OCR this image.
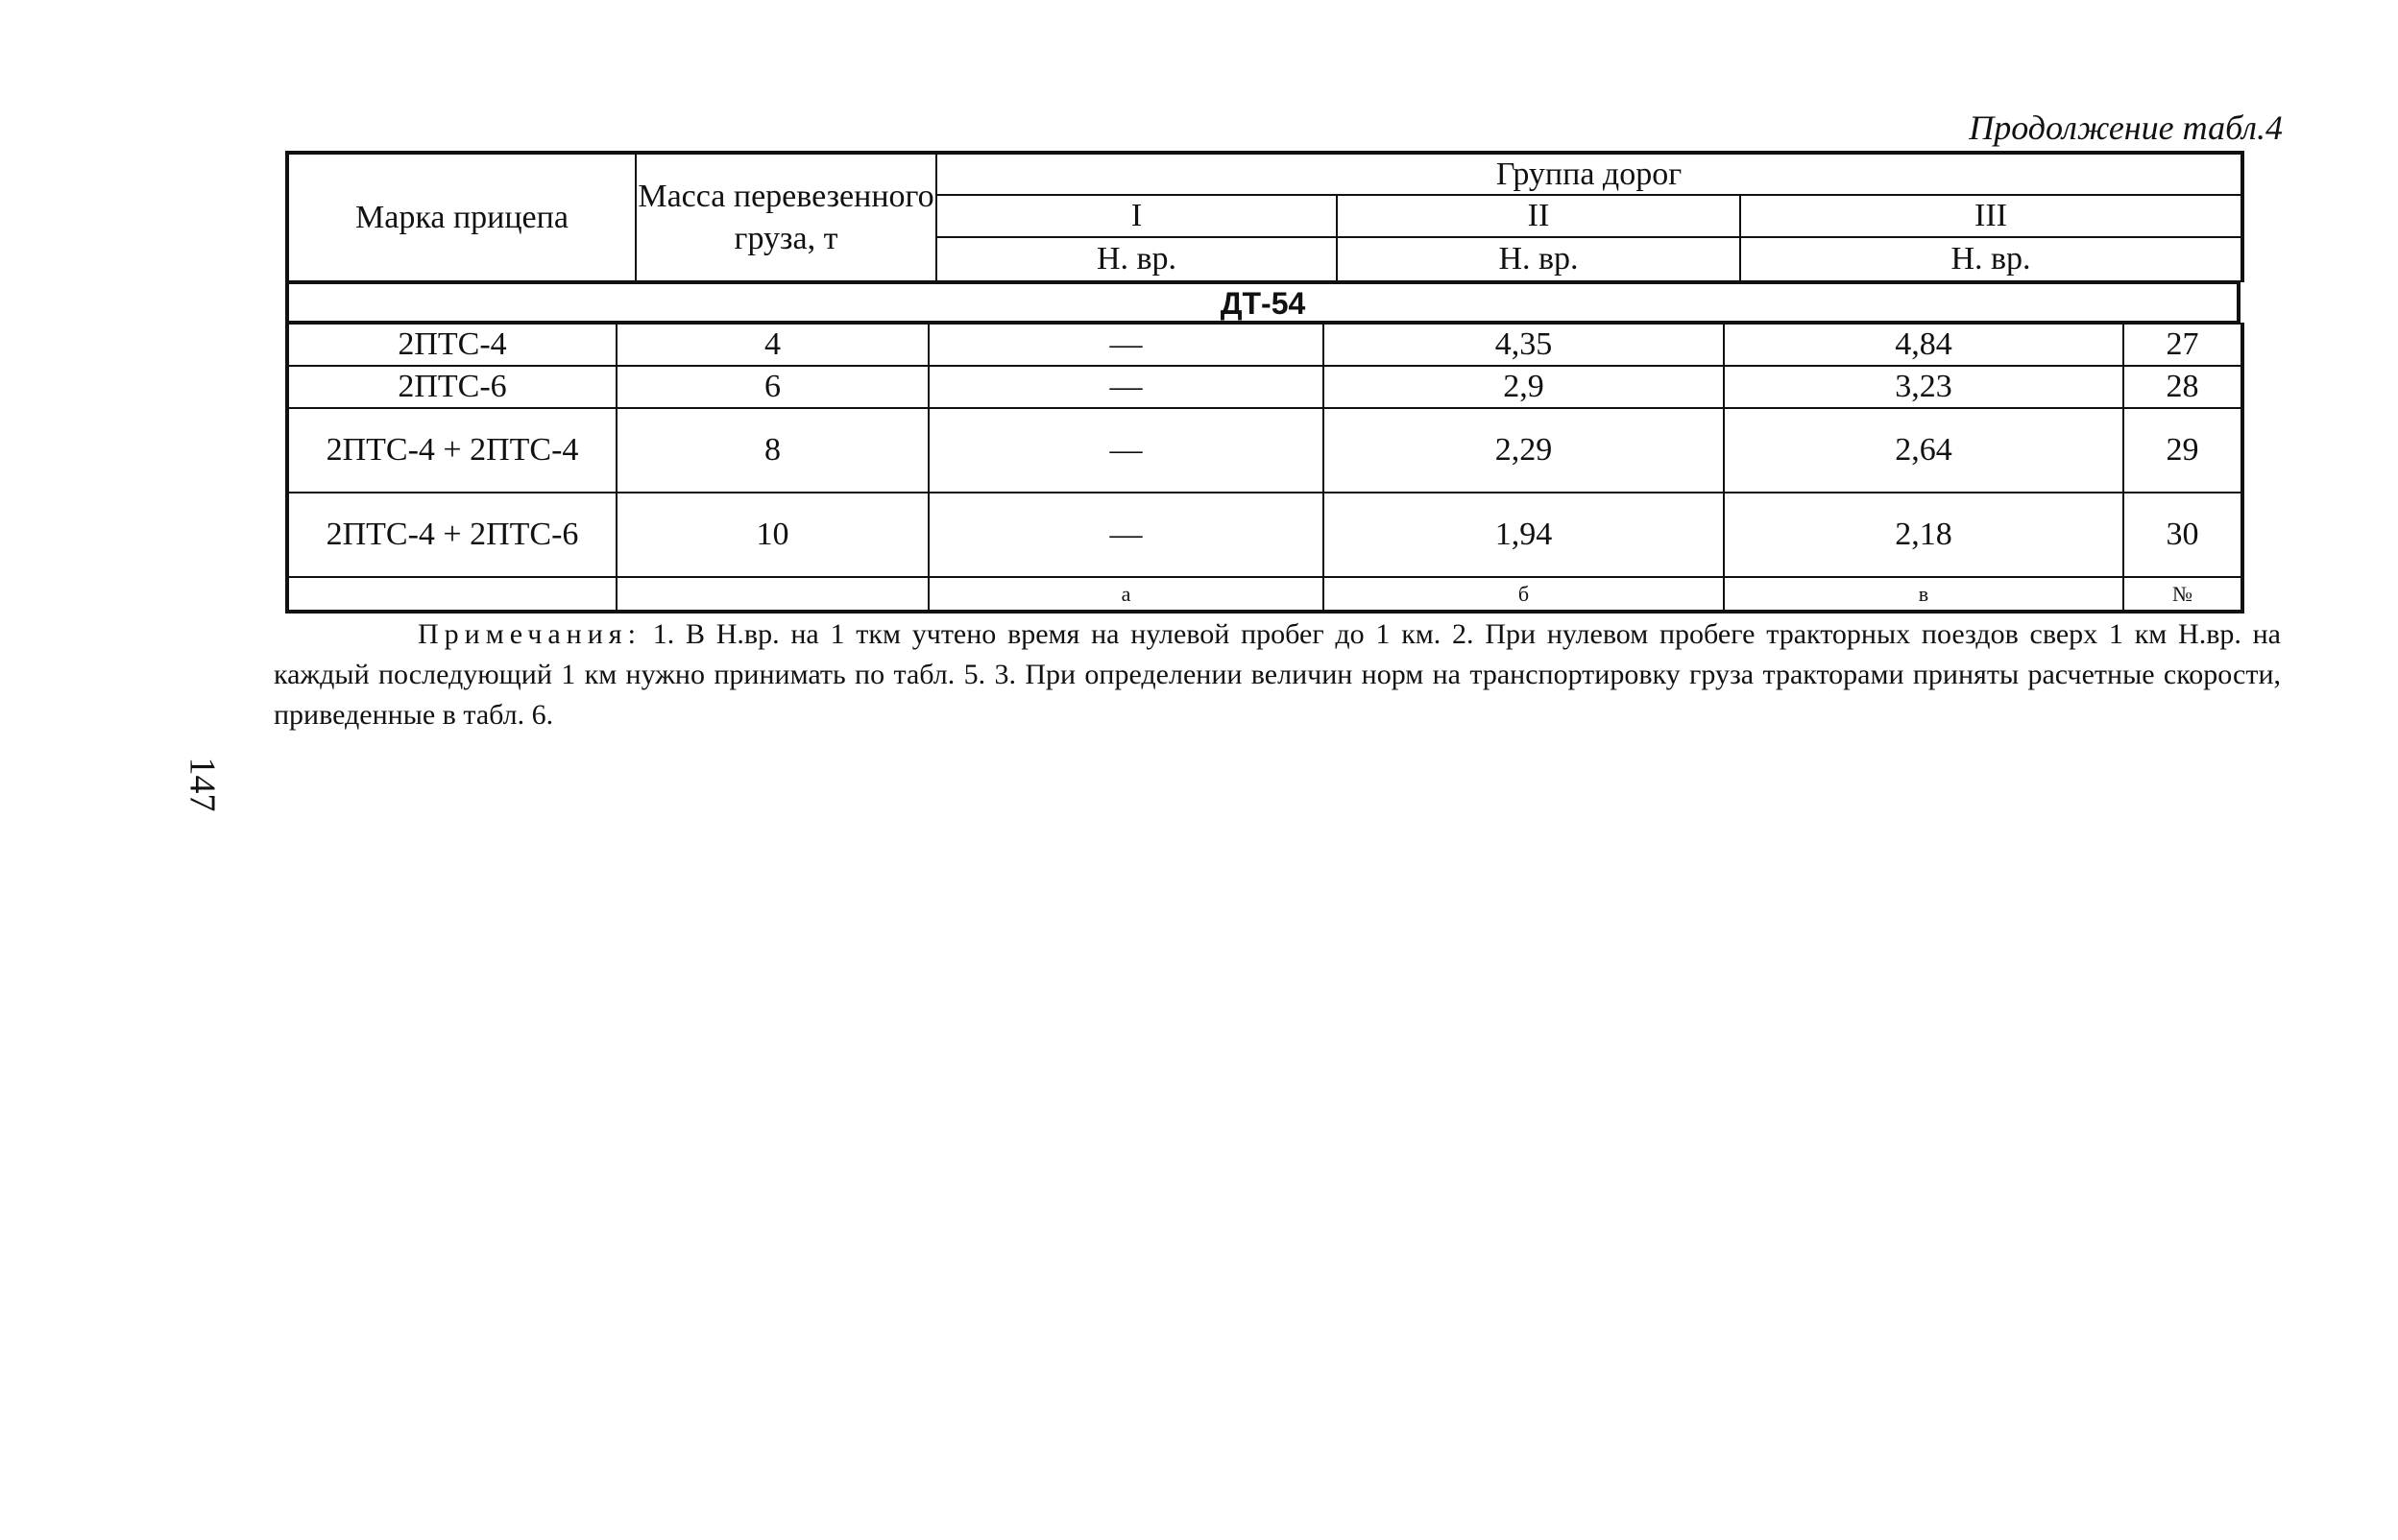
Продолжение табл.4
147
Марка прицепа	Масса перевезенного груза, т	Группа дорог		
		I	II	III
		Н. вр.	Н. вр.	Н. вр.
ДТ-54
2ПТС-4	4	—	4,35	4,84	27
2ПТС-6	6	—	2,9	3,23	28
2ПТС-4 + 2ПТС-4	8	—	2,29	2,64	29
2ПТС-4 + 2ПТС-6	10	—	1,94	2,18	30
		а	б	в	№

Примечания: 1. В Н.вр. на 1 ткм учтено время на нулевой пробег до 1 км. 2. При нулевом пробеге тракторных поездов сверх 1 км Н.вр. на каждый последующий 1 км нужно принимать по табл. 5. 3. При определении величин норм на транспортировку груза тракторами приняты расчетные скорости, приведенные в табл. 6.
